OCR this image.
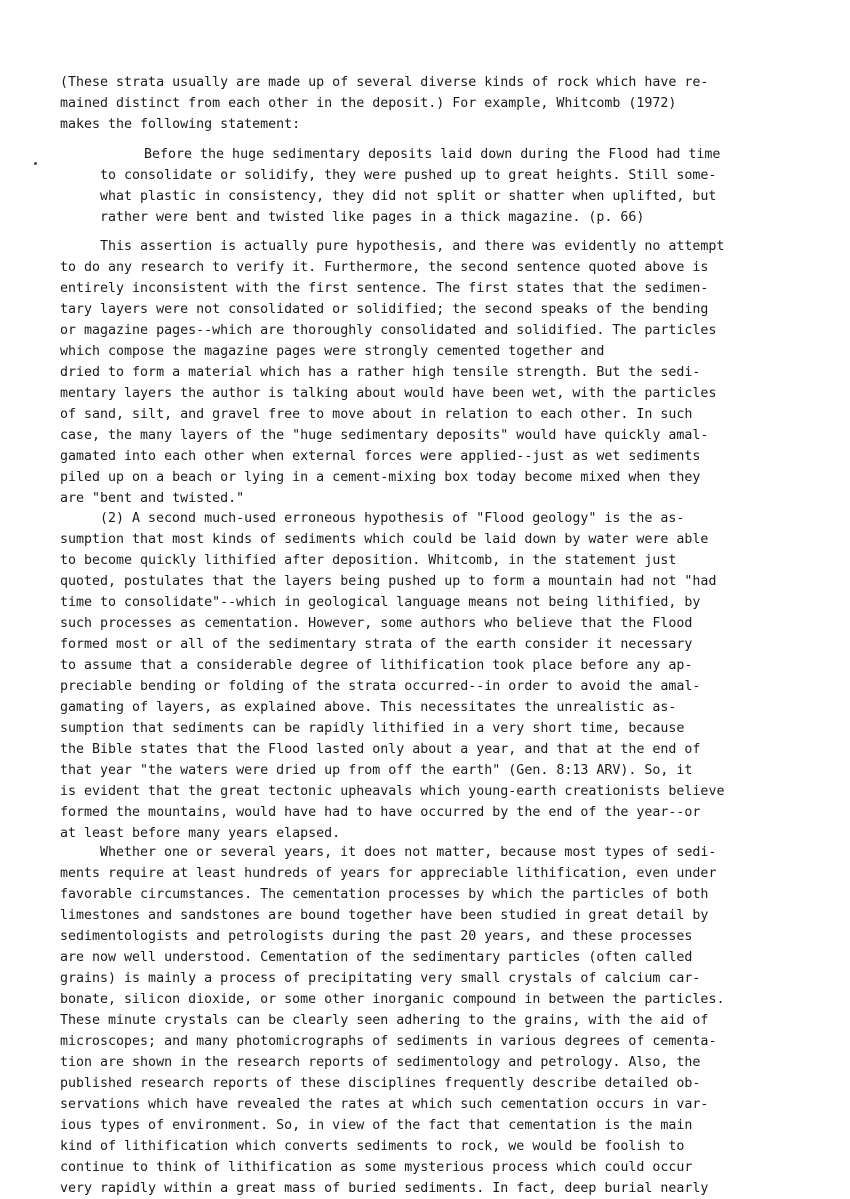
(These strata usually are made up of several diverse kinds of rock which have re-
mained distinct from each other in the deposit.) For example, Whitcomb (1972)
makes the following statement:
Before the huge sedimentary deposits laid down during the Flood had time
to consolidate or solidify, they were pushed up to great heights. Still some-
what plastic in consistency, they did not split or shatter when uplifted, but
rather were bent and twisted like pages in a thick magazine. (p. 66)
This assertion is actually pure hypothesis, and there was evidently no attempt
to do any research to verify it. Furthermore, the second sentence quoted above is
entirely inconsistent with the first sentence. The first states that the sedimen-
tary layers were not consolidated or solidified; the second speaks of the bending
or magazine pages--which are thoroughly consolidated and solidified. The particles
which compose the magazine pages were strongly cemented together and
dried to form a material which has a rather high tensile strength. But the sedi-
mentary layers the author is talking about would have been wet, with the particles
of sand, silt, and gravel free to move about in relation to each other. In such
case, the many layers of the "huge sedimentary deposits" would have quickly amal-
gamated into each other when external forces were applied--just as wet sediments
piled up on a beach or lying in a cement-mixing box today become mixed when they
are "bent and twisted."
(2) A second much-used erroneous hypothesis of "Flood geology" is the as-
sumption that most kinds of sediments which could be laid down by water were able
to become quickly lithified after deposition. Whitcomb, in the statement just
quoted, postulates that the layers being pushed up to form a mountain had not "had
time to consolidate"--which in geological language means not being lithified, by
such processes as cementation. However, some authors who believe that the Flood
formed most or all of the sedimentary strata of the earth consider it necessary
to assume that a considerable degree of lithification took place before any ap-
preciable bending or folding of the strata occurred--in order to avoid the amal-
gamating of layers, as explained above. This necessitates the unrealistic as-
sumption that sediments can be rapidly lithified in a very short time, because
the Bible states that the Flood lasted only about a year, and that at the end of
that year "the waters were dried up from off the earth" (Gen. 8:13 ARV). So, it
is evident that the great tectonic upheavals which young-earth creationists believe
formed the mountains, would have had to have occurred by the end of the year--or
at least before many years elapsed.
Whether one or several years, it does not matter, because most types of sedi-
ments require at least hundreds of years for appreciable lithification, even under
favorable circumstances. The cementation processes by which the particles of both
limestones and sandstones are bound together have been studied in great detail by
sedimentologists and petrologists during the past 20 years, and these processes
are now well understood. Cementation of the sedimentary particles (often called
grains) is mainly a process of precipitating very small crystals of calcium car-
bonate, silicon dioxide, or some other inorganic compound in between the particles.
These minute crystals can be clearly seen adhering to the grains, with the aid of
microscopes; and many photomicrographs of sediments in various degrees of cementa-
tion are shown in the research reports of sedimentology and petrology. Also, the
published research reports of these disciplines frequently describe detailed ob-
servations which have revealed the rates at which such cementation occurs in var-
ious types of environment. So, in view of the fact that cementation is the main
kind of lithification which converts sediments to rock, we would be foolish to
continue to think of lithification as some mysterious process which could occur
very rapidly within a great mass of buried sediments. In fact, deep burial nearly
